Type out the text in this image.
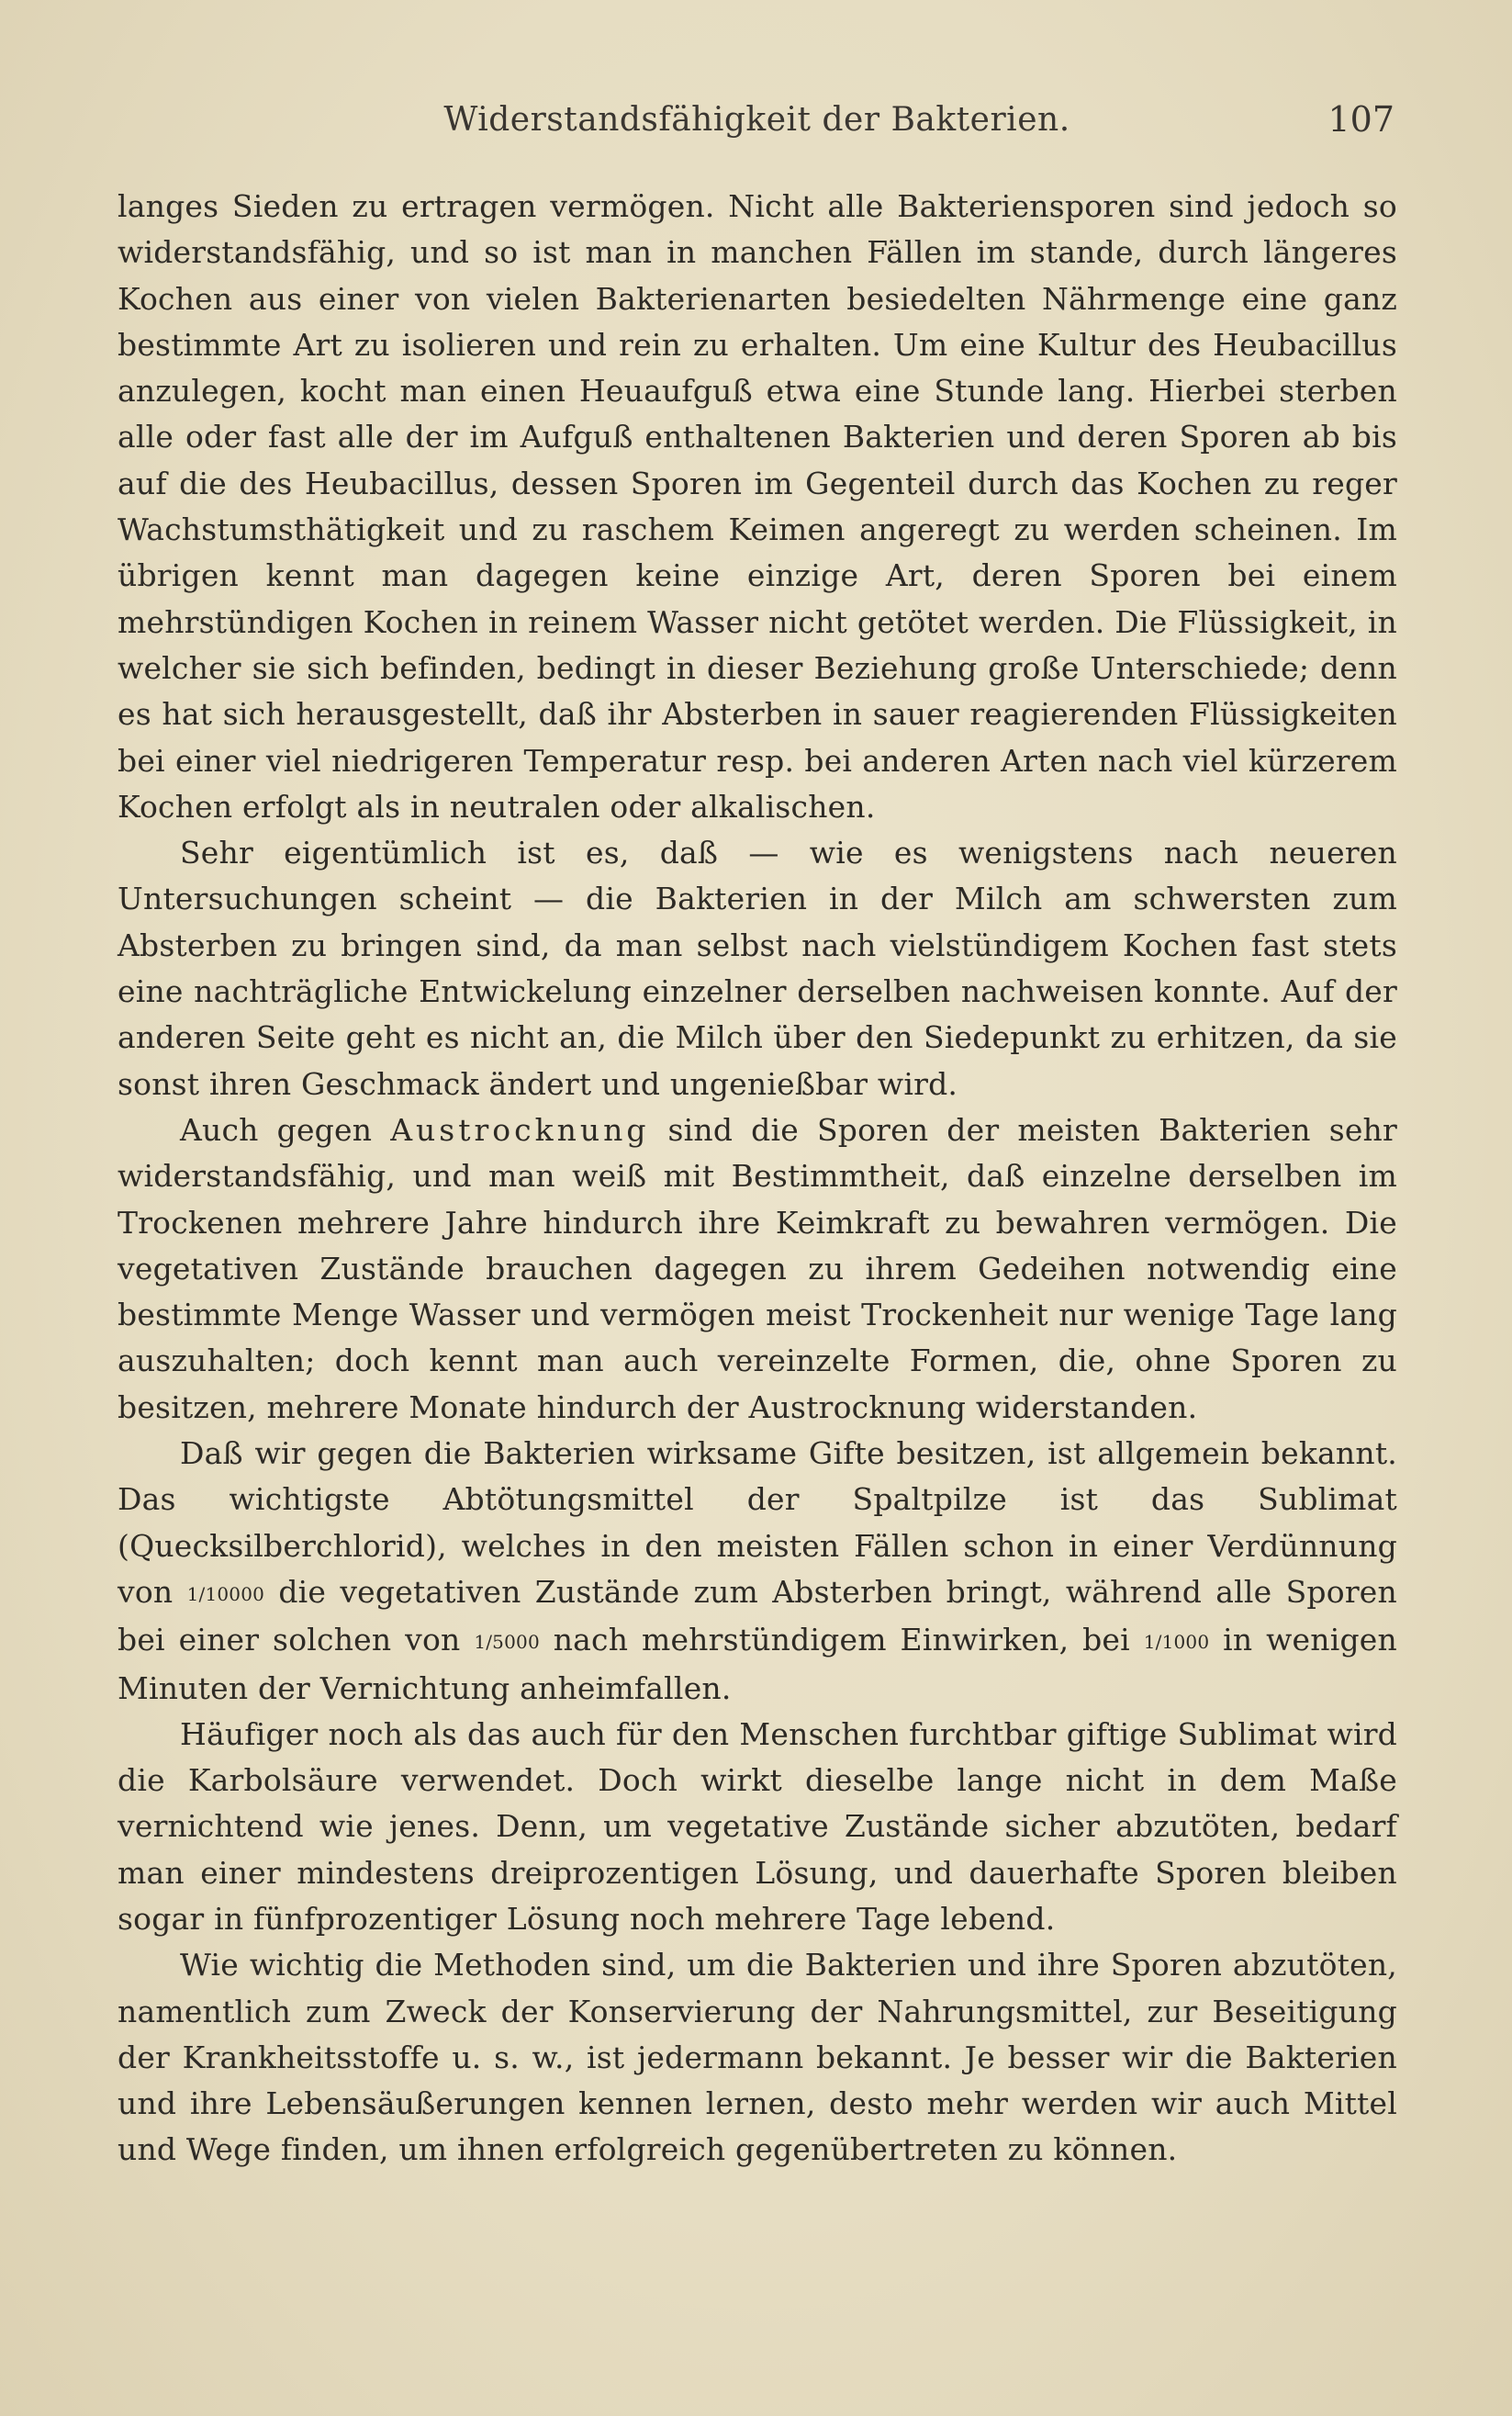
Widerstandsfähigkeit der Bakterien.	107

langes Sieden zu ertragen vermögen. Nicht alle Bakteriensporen sind jedoch so widerstandsfähig, und so ist man in manchen Fällen im stande, durch längeres Kochen aus einer von vielen Bakterienarten besiedelten Nährmenge eine ganz bestimmte Art zu isolieren und rein zu erhalten. Um eine Kultur des Heubacillus anzulegen, kocht man einen Heuaufguß etwa eine Stunde lang. Hierbei sterben alle oder fast alle der im Aufguß enthaltenen Bakterien und deren Sporen ab bis auf die des Heubacillus, dessen Sporen im Gegenteil durch das Kochen zu reger Wachstumsthätigkeit und zu raschem Keimen angeregt zu werden scheinen. Im übrigen kennt man dagegen keine einzige Art, deren Sporen bei einem mehrstündigen Kochen in reinem Wasser nicht getötet werden. Die Flüssigkeit, in welcher sie sich befinden, bedingt in dieser Beziehung große Unterschiede; denn es hat sich herausgestellt, daß ihr Absterben in sauer reagierenden Flüssigkeiten bei einer viel niedrigeren Temperatur resp. bei anderen Arten nach viel kürzerem Kochen erfolgt als in neutralen oder alkalischen.

Sehr eigentümlich ist es, daß — wie es wenigstens nach neueren Untersuchungen scheint — die Bakterien in der Milch am schwersten zum Absterben zu bringen sind, da man selbst nach vielstündigem Kochen fast stets eine nachträgliche Entwickelung einzelner derselben nachweisen konnte. Auf der anderen Seite geht es nicht an, die Milch über den Siedepunkt zu erhitzen, da sie sonst ihren Geschmack ändert und ungenießbar wird.

Auch gegen Austrocknung sind die Sporen der meisten Bakterien sehr widerstandsfähig, und man weiß mit Bestimmtheit, daß einzelne derselben im Trockenen mehrere Jahre hindurch ihre Keimkraft zu bewahren vermögen. Die vegetativen Zustände brauchen dagegen zu ihrem Gedeihen notwendig eine bestimmte Menge Wasser und vermögen meist Trockenheit nur wenige Tage lang auszuhalten; doch kennt man auch vereinzelte Formen, die, ohne Sporen zu besitzen, mehrere Monate hindurch der Austrocknung widerstanden.

Daß wir gegen die Bakterien wirksame Gifte besitzen, ist allgemein bekannt. Das wichtigste Abtötungsmittel der Spaltpilze ist das Sublimat (Quecksilberchlorid), welches in den meisten Fällen schon in einer Verdünnung von 1/10000 die vegetativen Zustände zum Absterben bringt, während alle Sporen bei einer solchen von 1/5000 nach mehrstündigem Einwirken, bei 1/1000 in wenigen Minuten der Vernichtung anheimfallen.

Häufiger noch als das auch für den Menschen furchtbar giftige Sublimat wird die Karbolsäure verwendet. Doch wirkt dieselbe lange nicht in dem Maße vernichtend wie jenes. Denn, um vegetative Zustände sicher abzutöten, bedarf man einer mindestens dreiprozentigen Lösung, und dauerhafte Sporen bleiben sogar in fünfprozentiger Lösung noch mehrere Tage lebend.

Wie wichtig die Methoden sind, um die Bakterien und ihre Sporen abzutöten, namentlich zum Zweck der Konservierung der Nahrungsmittel, zur Beseitigung der Krankheitsstoffe u. s. w., ist jedermann bekannt. Je besser wir die Bakterien und ihre Lebensäußerungen kennen lernen, desto mehr werden wir auch Mittel und Wege finden, um ihnen erfolgreich gegenübertreten zu können.
